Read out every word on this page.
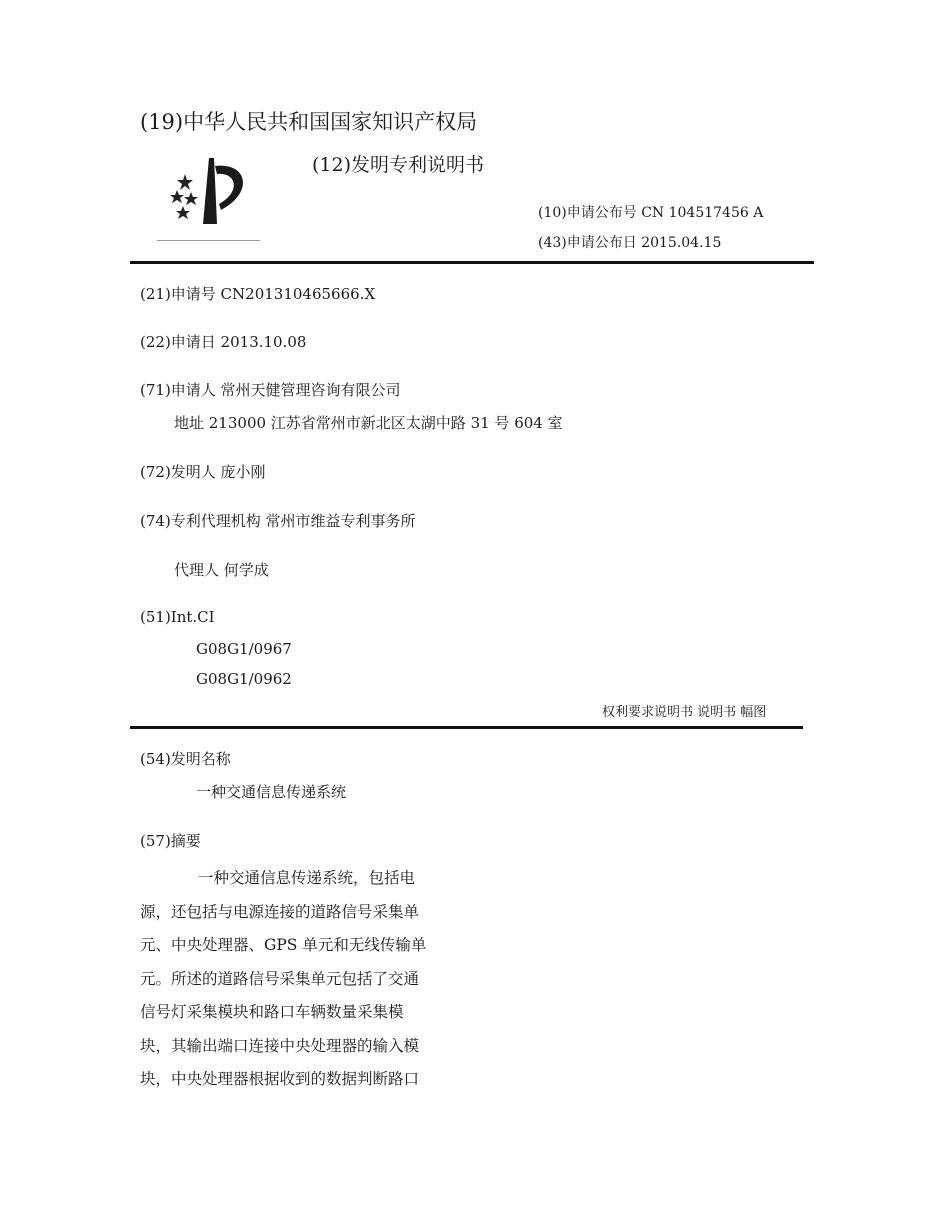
(19)中华人民共和国国家知识产权局
(12)发明专利说明书
(10)申请公布号 CN 104517456 A
(43)申请公布日 2015.04.15
(21)申请号 CN201310465666.X
(22)申请日 2013.10.08
(71)申请人 常州天健管理咨询有限公司
地址 213000 江苏省常州市新北区太湖中路 31 号 604 室
(72)发明人 庞小刚
(74)专利代理机构 常州市维益专利事务所
代理人 何学成
(51)Int.CI
G08G1/0967
G08G1/0962
权利要求说明书 说明书 幅图
(54)发明名称
一种交通信息传递系统
(57)摘要
一种交通信息传递系统，包括电
源，还包括与电源连接的道路信号采集单
元、中央处理器、GPS 单元和无线传输单
元。所述的道路信号采集单元包括了交通
信号灯采集模块和路口车辆数量采集模
块，其输出端口连接中央处理器的输入模
块，中央处理器根据收到的数据判断路口
